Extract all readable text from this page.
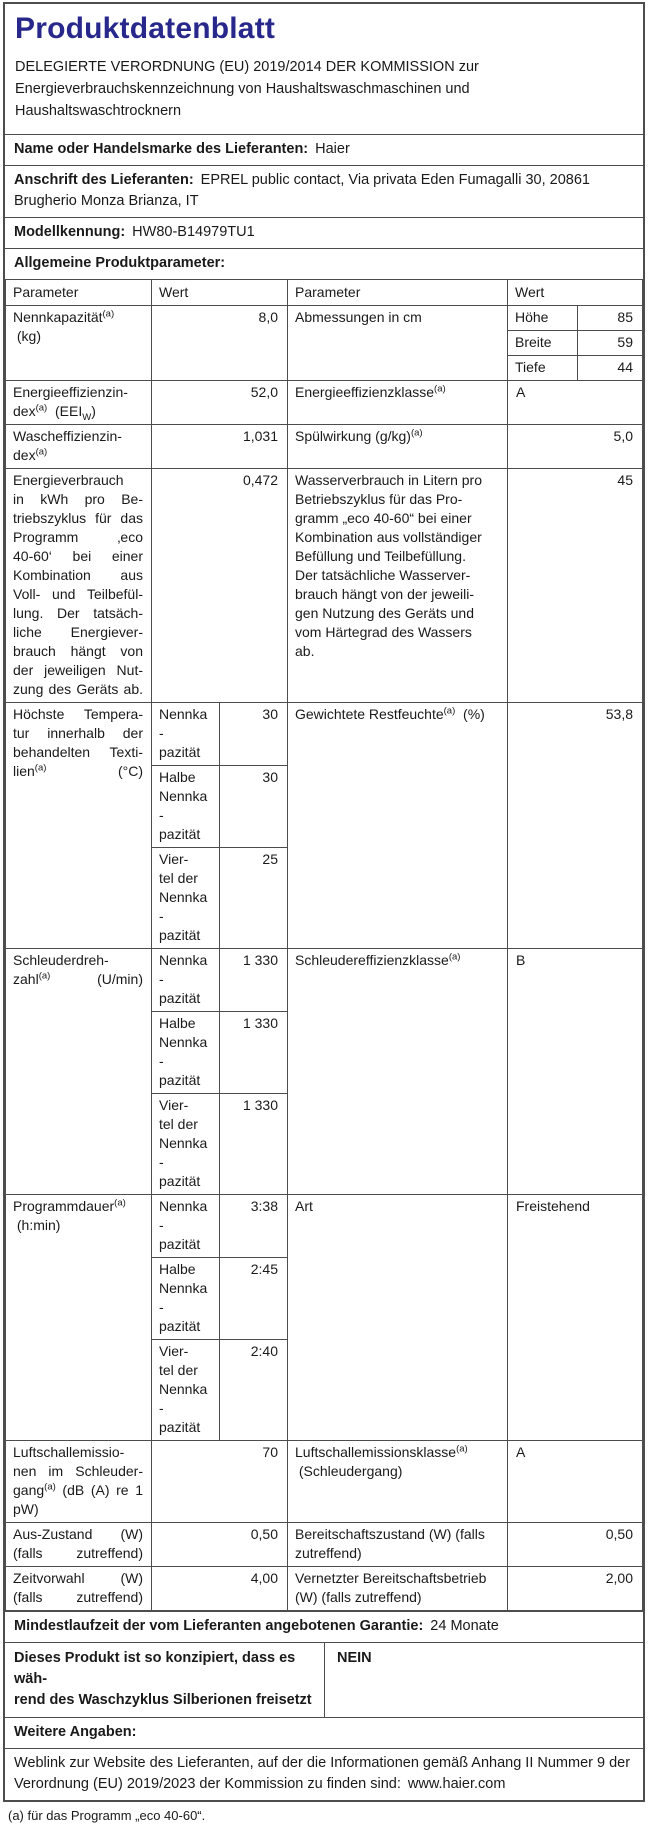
Produktdatenblatt
DELEGIERTE VERORDNUNG (EU) 2019/2014 DER KOMMISSION zur
Energieverbrauchskennzeichnung von Haushaltswaschmaschinen und Haushaltswaschtrocknern
Name oder Handelsmarke des Lieferanten: Haier
Anschrift des Lieferanten: EPREL public contact, Via privata Eden Fumagalli 30, 20861 Brugherio Monza Brianza, IT
Modellkennung: HW80-B14979TU1
Allgemeine Produktparameter:
Parameter	Wert		Parameter	Wert	
Nennkapazität$^{(a)}$
(kg)	8,0		Abmessungen in cm	Höhe	85
				Breite	59
				Tiefe	44
Energieeffizienzin-
dex$^{(a)}$  $(EEI_W)$	52,0		Energieeffizienzklasse$^{(a)}$	A	
Wascheffizienzin-
dex$^{(a)}$	1,031		Spülwirkung $(g/kg)^{(a)}$	5,0	
Energieverbrauch
in kWh pro Be-
triebszyklus für das
Programm ‚eco
40-60‘ bei einer
Kombination aus
Voll- und Teilbefül-
lung. Der tatsäch-
liche Energiever-
brauch hängt von
der jeweiligen Nut-
zung des Geräts ab.	0,472	Wasserverbrauch in Litern pro
Betriebszyklus für das Pro-
gramm „eco 40-60“ bei einer
Kombination aus vollständiger
Befüllung und Teilbefüllung.
Der tatsächliche Wasserver-
brauch hängt von der jeweili-
gen Nutzung des Geräts und
vom Härtegrad des Wassers
ab.	45
Höchste Tempera-
tur innerhalb der
behandelten Texti-
lien$^{(a)}$ (°C)	Nennka-
pazität	30	Gewichtete Restfeuchte$^{(a)}$  (%)	53,8	
	Halbe
Nennka-
pazität	30			
	Vier-
tel der
Nennka-
pazität	25			
Schleuderdreh-
zahl$^{(a)}$ (U/min)	Nennka-
pazität	1 330	Schleudereffizienzklasse$^{(a)}$	B	
	Halbe
Nennka-
pazität	1 330			
	Vier-
tel der
Nennka-
pazität	1 330			
Programmdauer$^{(a)}$
(h:min)	Nennka-
pazität	3:38	Art	Freistehend	
	Halbe
Nennka-
pazität	2:45			
	Vier-
tel der
Nennka-
pazität	2:40			
Luftschallemissio-
nen im Schleuder-
gang$^{(a)}$ (dB (A) re 1
pW)	70		Luftschallemissionsklasse$^{(a)}$
(Schleudergang)	A	
Aus-Zustand (W)
(falls zutreffend)	0,50		Bereitschaftszustand (W) (falls
zutreffend)	0,50	
Zeitvorwahl (W)
(falls zutreffend)	4,00		Vernetzter Bereitschaftsbetrieb
(W) (falls zutreffend)	2,00	
Mindestlaufzeit der vom Lieferanten angebotenen Garantie: 24 Monate
Dieses Produkt ist so konzipiert, dass es wäh-
rend des Waschzyklus Silberionen freisetzt
NEIN
Weitere Angaben:
Weblink zur Website des Lieferanten, auf der die Informationen gemäß Anhang II Nummer 9 der
Verordnung (EU) 2019/2023 der Kommission zu finden sind: www.haier.com
(a) für das Programm „eco 40-60“.
